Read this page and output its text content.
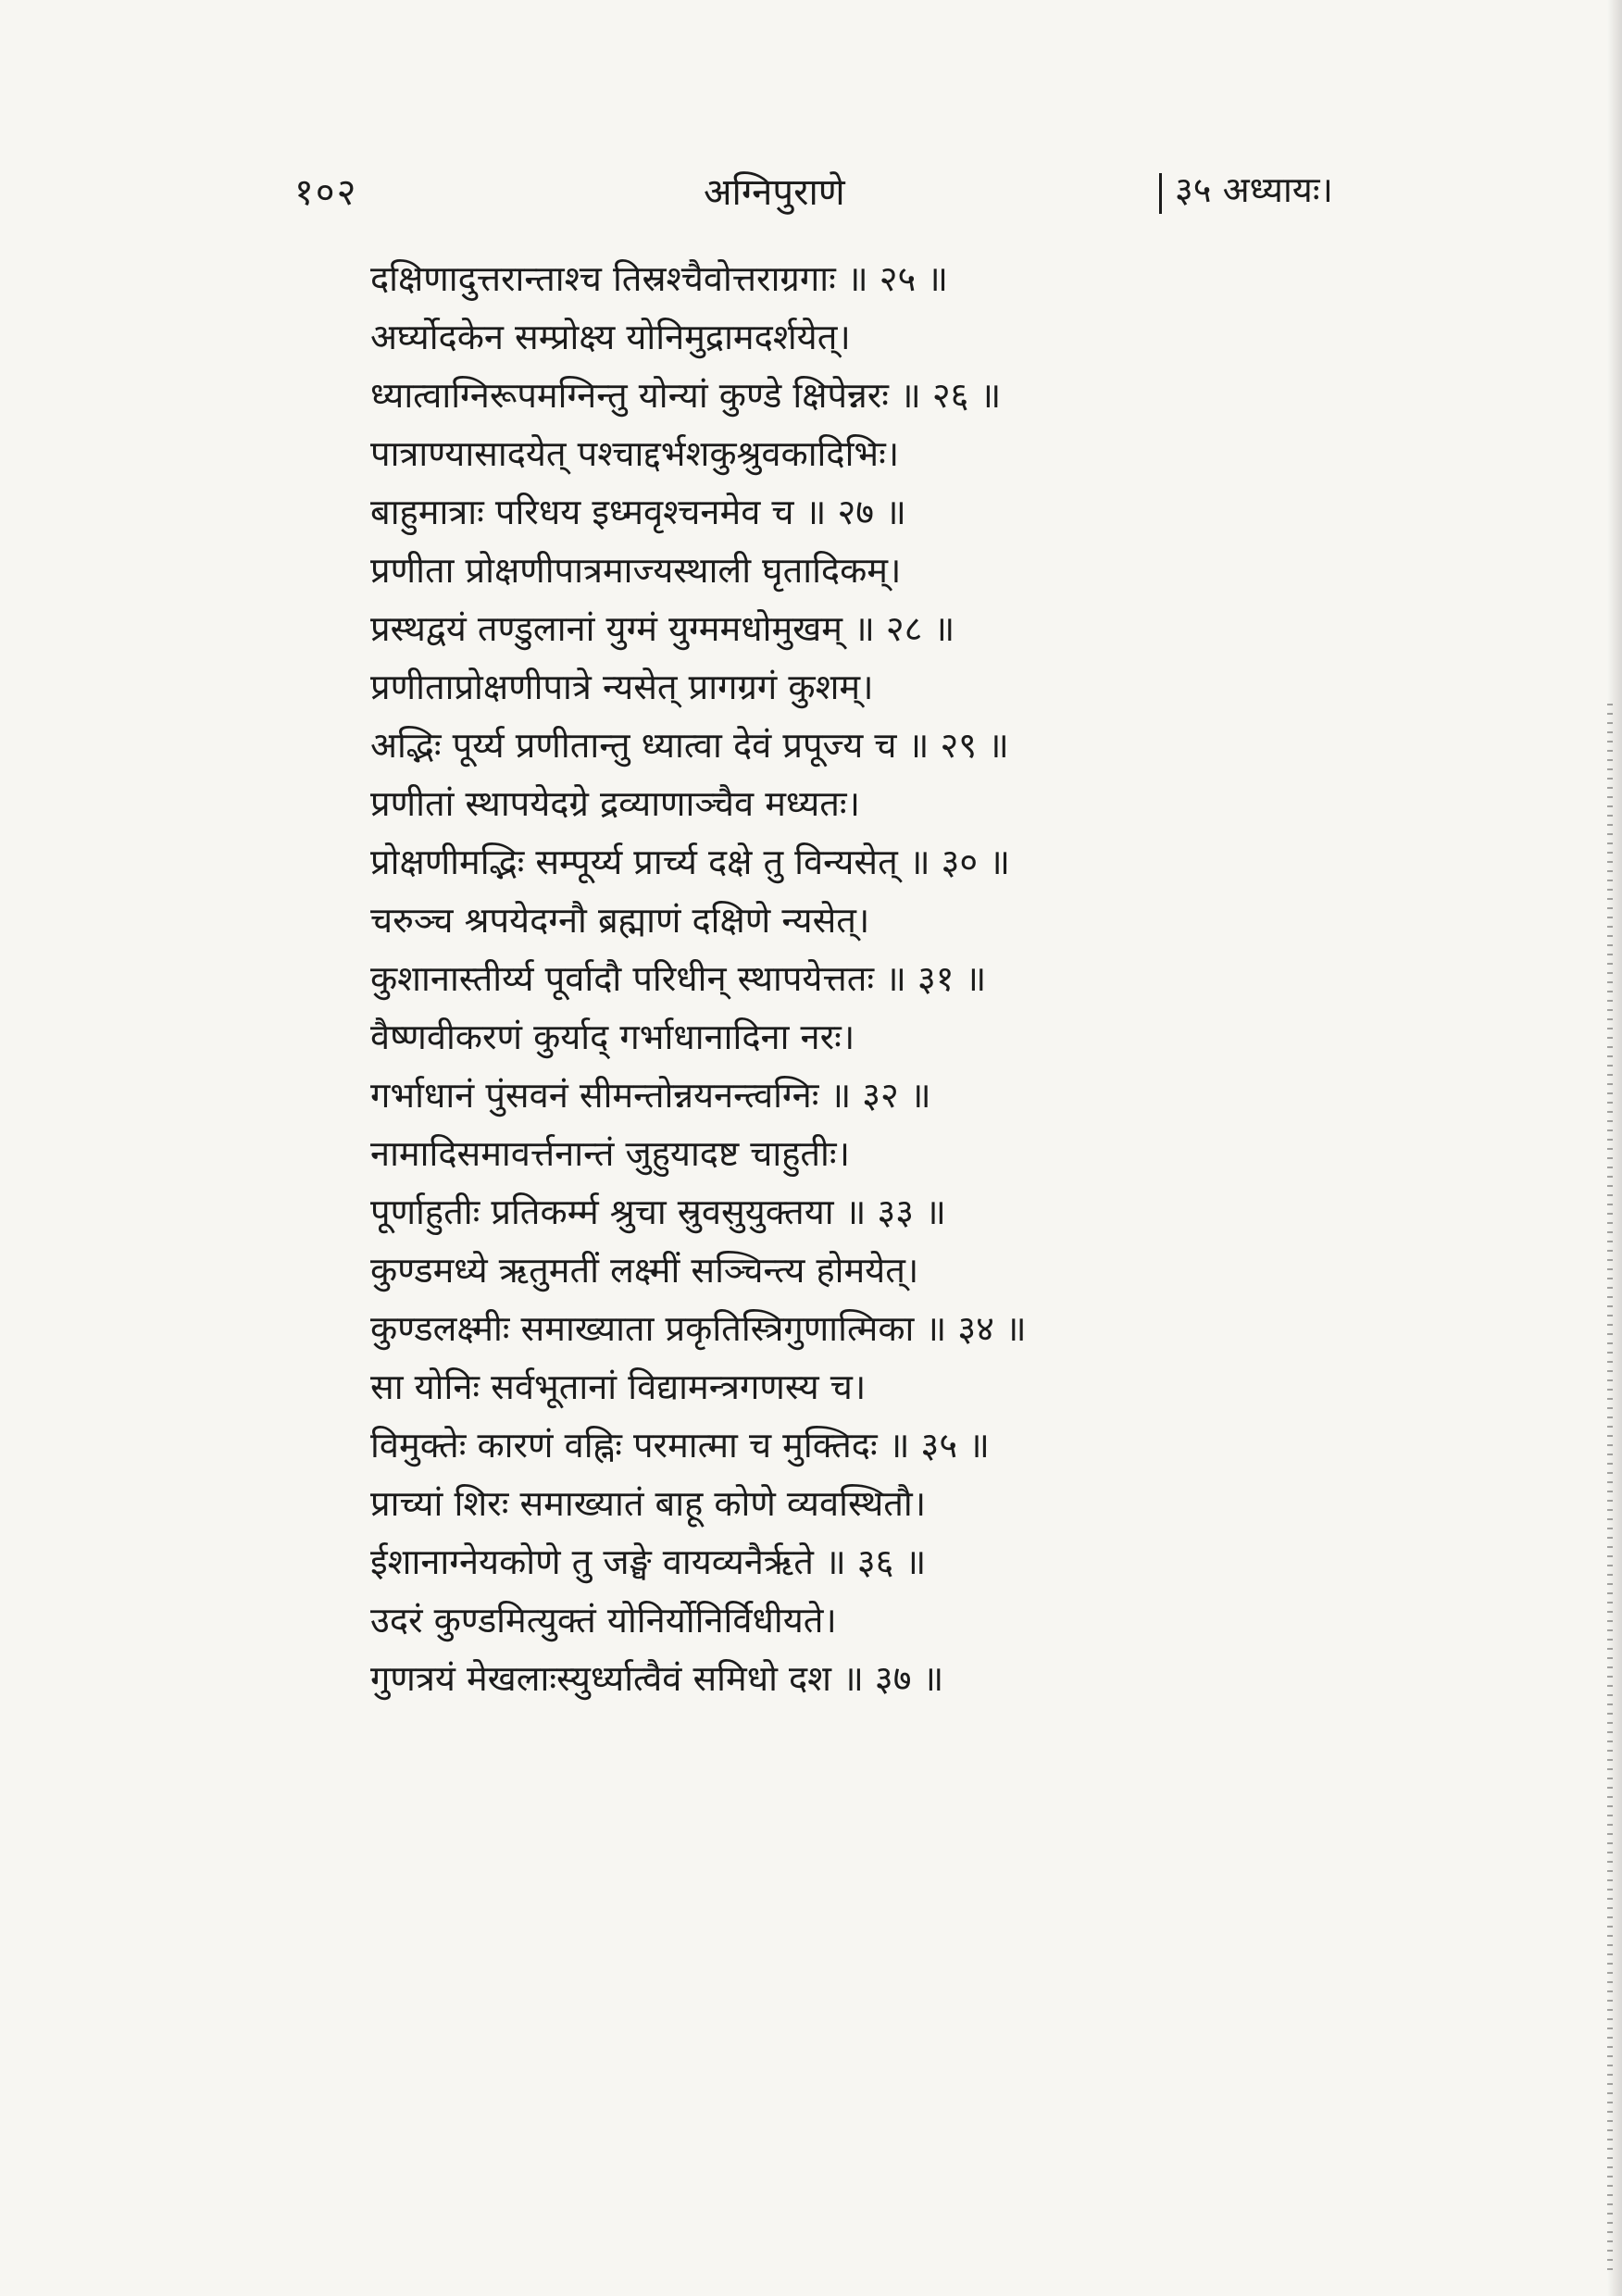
१०२	अग्निपुराणे	३५ अध्यायः।
दक्षिणादुत्तरान्ताश्च तिस्रश्चैवोत्तराग्रगाः ॥ २५ ॥
अर्घ्योदकेन सम्प्रोक्ष्य योनिमुद्रामदर्शयेत्।
ध्यात्वाग्निरूपमग्निन्तु योन्यां कुण्डे क्षिपेन्नरः ॥ २६ ॥
पात्राण्यासादयेत् पश्चाद्दर्भशकुश्रुवकादिभिः।
बाहुमात्राः परिधय इध्मवृश्चनमेव च ॥ २७ ॥
प्रणीता प्रोक्षणीपात्रमाज्यस्थाली घृतादिकम्।
प्रस्थद्वयं तण्डुलानां युग्मं युग्ममधोमुखम् ॥ २८ ॥
प्रणीताप्रोक्षणीपात्रे न्यसेत् प्रागग्रगं कुशम्।
अद्भिः पूर्य्य प्रणीतान्तु ध्यात्वा देवं प्रपूज्य च ॥ २९ ॥
प्रणीतां स्थापयेदग्रे द्रव्याणाञ्चैव मध्यतः।
प्रोक्षणीमद्भिः सम्पूर्य्य प्रार्च्य दक्षे तु विन्यसेत् ॥ ३० ॥
चरुञ्च श्रपयेदग्नौ ब्रह्माणं दक्षिणे न्यसेत्।
कुशानास्तीर्य्य पूर्वादौ परिधीन् स्थापयेत्ततः ॥ ३१ ॥
वैष्णवीकरणं कुर्याद् गर्भाधानादिना नरः।
गर्भाधानं पुंसवनं सीमन्तोन्नयनन्त्वग्निः ॥ ३२ ॥
नामादिसमावर्त्तनान्तं जुहुयादष्ट चाहुतीः।
पूर्णाहुतीः प्रतिकर्म्म श्रुचा स्रुवसुयुक्तया ॥ ३३ ॥
कुण्डमध्ये ऋतुमतीं लक्ष्मीं सञ्चिन्त्य होमयेत्।
कुण्डलक्ष्मीः समाख्याता प्रकृतिस्त्रिगुणात्मिका ॥ ३४ ॥
सा योनिः सर्वभूतानां विद्यामन्त्रगणस्य च।
विमुक्तेः कारणं वह्निः परमात्मा च मुक्तिदः ॥ ३५ ॥
प्राच्यां शिरः समाख्यातं बाहू कोणे व्यवस्थितौ।
ईशानाग्नेयकोणे तु जङ्घे वायव्यनैर्ऋते ॥ ३६ ॥
उदरं कुण्डमित्युक्तं योनिर्योनिर्विधीयते।
गुणत्रयं मेखलाःस्युर्ध्यात्वैवं समिधो दश ॥ ३७ ॥
